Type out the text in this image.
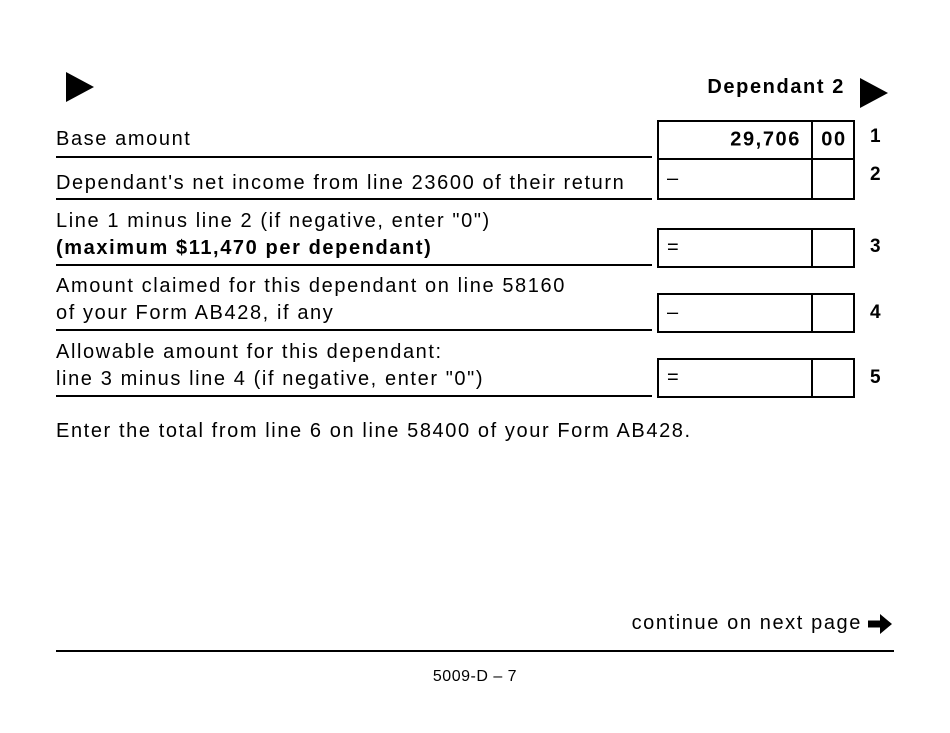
Dependant 2
Base amount	29,706	00	1
Dependant's net income from line 23600 of their return	–	2
Line 1 minus line 2 (if negative, enter "0")
(maximum $11,470 per dependant)	=	3
Amount claimed for this dependant on line 58160
of your Form AB428, if any	–	4
Allowable amount for this dependant:
line 3 minus line 4 (if negative, enter "0")	=	5
Enter the total from line 6 on line 58400 of your Form AB428.
continue on next page
5009-D – 7
